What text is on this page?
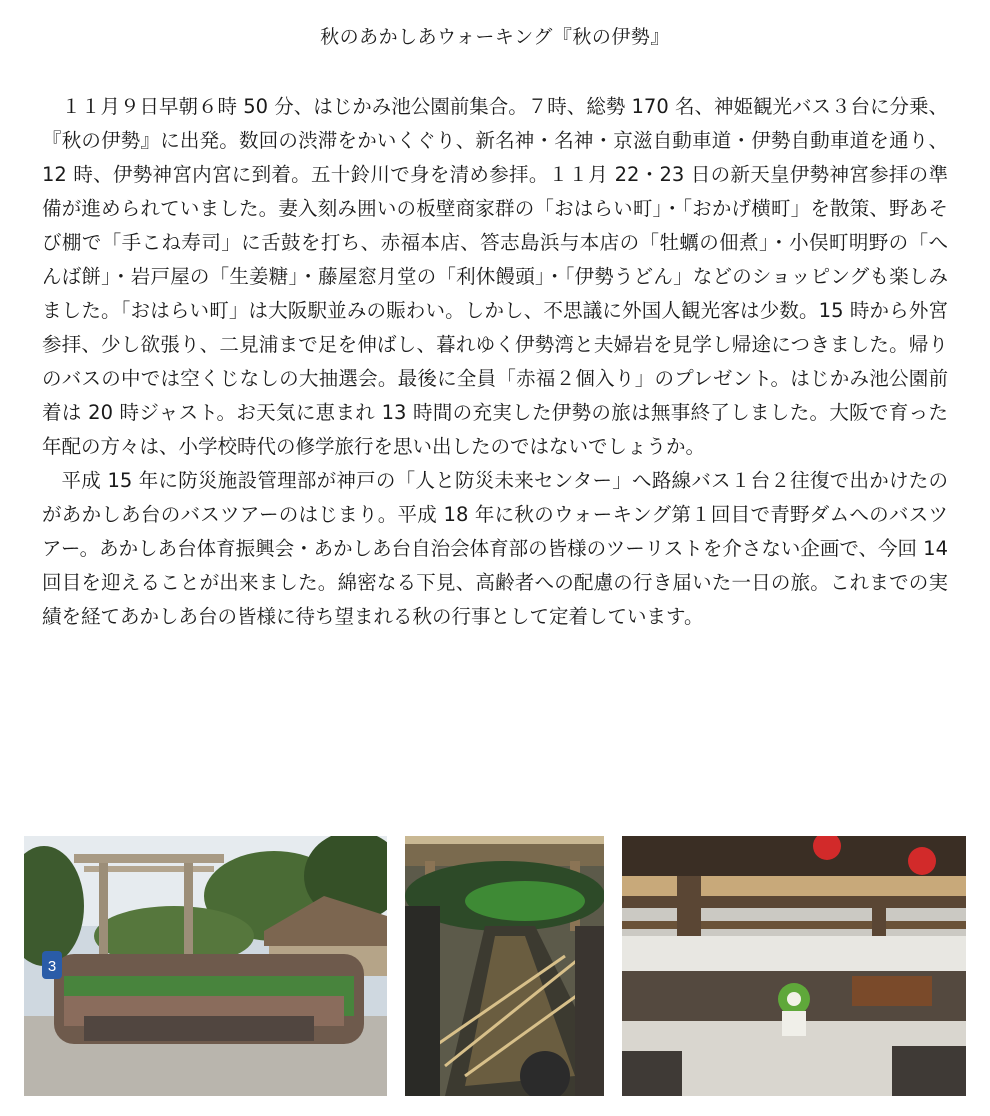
秋のあかしあウォーキング『秋の伊勢』

１１月９日早朝６時 50 分、はじかみ池公園前集合。７時、総勢 170 名、神姫観光バス３台に分乗、『秋の伊勢』に出発。数回の渋滞をかいくぐり、新名神・名神・京滋自動車道・伊勢自動車道を通り、12 時、伊勢神宮内宮に到着。五十鈴川で身を清め参拝。１１月 22・23 日の新天皇伊勢神宮参拝の準備が進められていました。妻入刻み囲いの板壁商家群の「おはらい町」・「おかげ横町」を散策、野あそび棚で「手こね寿司」に舌鼓を打ち、赤福本店、答志島浜与本店の「牡蠣の佃煮」・小俣町明野の「へんば餅」・岩戸屋の「生姜糖」・藤屋窓月堂の「利休饅頭」・「伊勢うどん」などのショッピングも楽しみました。「おはらい町」は大阪駅並みの賑わい。しかし、不思議に外国人観光客は少数。15 時から外宮参拝、少し欲張り、二見浦まで足を伸ばし、暮れゆく伊勢湾と夫婦岩を見学し帰途につきました。帰りのバスの中では空くじなしの大抽選会。最後に全員「赤福２個入り」のプレゼント。はじかみ池公園前着は 20 時ジャスト。お天気に恵まれ 13 時間の充実した伊勢の旅は無事終了しました。大阪で育った年配の方々は、小学校時代の修学旅行を思い出したのではないでしょうか。

平成 15 年に防災施設管理部が神戸の「人と防災未来センター」へ路線バス１台２往復で出かけたのがあかしあ台のバスツアーのはじまり。平成 18 年に秋のウォーキング第１回目で青野ダムへのバスツアー。あかしあ台体育振興会・あかしあ台自治会体育部の皆様のツーリストを介さない企画で、今回 14 回目を迎えることが出来ました。綿密なる下見、高齢者への配慮の行き届いた一日の旅。これまでの実績を経てあかしあ台の皆様に待ち望まれる秋の行事として定着しています。

3
